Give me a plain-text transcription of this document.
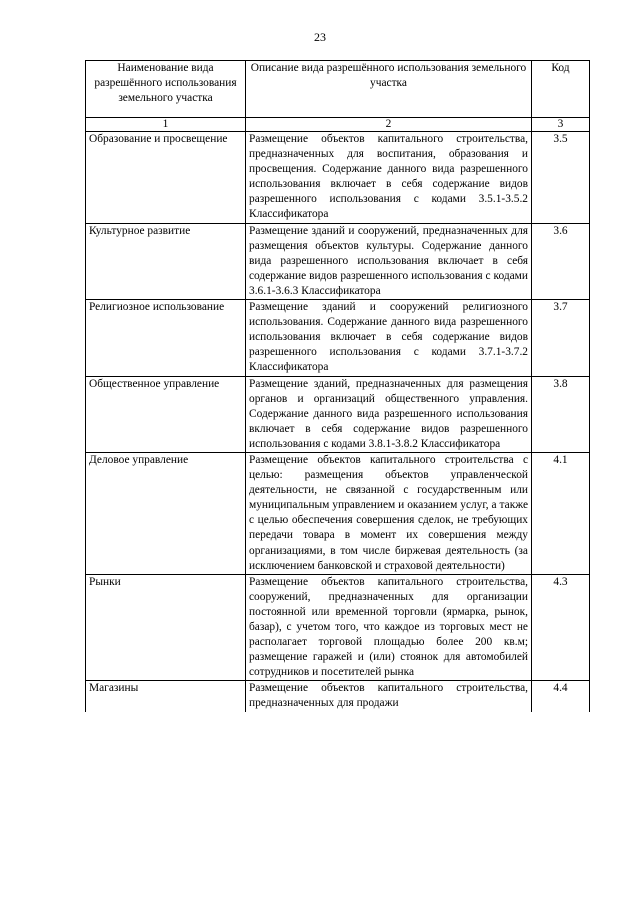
23
Наименование вида разрешённого использования земельного участка	Описание вида разрешённого использования земельного участка	Код
1	2	3
Образование и просвещение	Размещение объектов капитального строительства, предназначенных для воспитания, образования и просвещения. Содержание данного вида разрешенного использования включает в себя содержание видов разрешенного использования с кодами 3.5.1-3.5.2 Классификатора	3.5
Культурное развитие	Размещение зданий и сооружений, предназначенных для размещения объектов культуры. Содержание данного вида разрешенного использования включает в себя содержание видов разрешенного использования с кодами 3.6.1-3.6.3 Классификатора	3.6
Религиозное использование	Размещение зданий и сооружений религиозного использования. Содержание данного вида разрешенного использования включает в себя содержание видов разрешенного использования с кодами 3.7.1-3.7.2 Классификатора	3.7
Общественное управление	Размещение зданий, предназначенных для размещения органов и организаций общественного управления. Содержание данного вида разрешенного использования включает в себя содержание видов разрешенного использования с кодами 3.8.1-3.8.2 Классификатора	3.8
Деловое управление	Размещение объектов капитального строительства с целью: размещения объектов управленческой деятельности, не связанной с государственным или муниципальным управлением и оказанием услуг, а также с целью обеспечения совершения сделок, не требующих передачи товара в момент их совершения между организациями, в том числе биржевая деятельность (за исключением банковской и страховой деятельности)	4.1
Рынки	Размещение объектов капитального строительства, сооружений, предназначенных для организации постоянной или временной торговли (ярмарка, рынок, базар), с учетом того, что каждое из торговых мест не располагает торговой площадью более 200 кв.м; размещение гаражей и (или) стоянок для автомобилей сотрудников и посетителей рынка	4.3
Магазины	Размещение объектов капитального строительства, предназначенных для продажи	4.4
